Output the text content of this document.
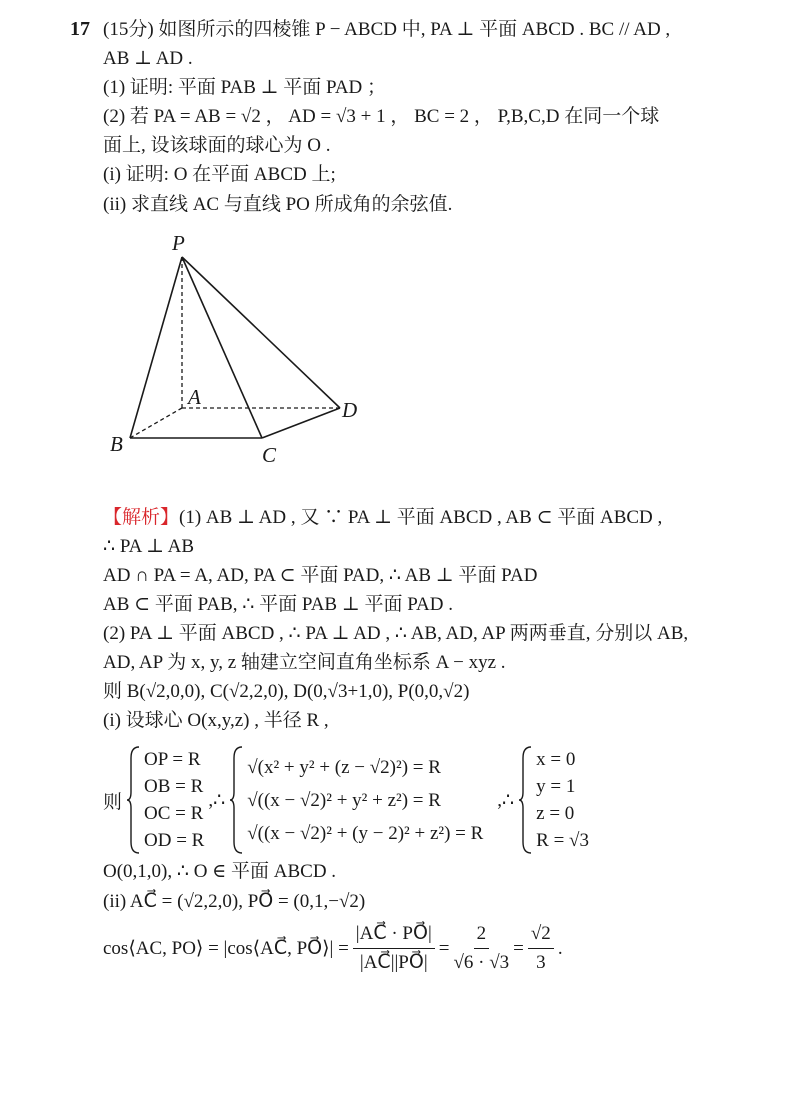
17 (15分) 如图所示的四棱锥 P − ABCD 中, PA ⊥ 平面 ABCD . BC // AD ,
AB ⊥ AD .
(1) 证明: 平面 PAB ⊥ 平面 PAD ；
(2) 若 PA = AB = √2 ， AD = √3 + 1 ， BC = 2 ， P,B,C,D 在同一个球
面上, 设该球面的球心为 O .
(i) 证明: O 在平面 ABCD 上;
(ii) 求直线 AC 与直线 PO 所成角的余弦值.
P
A
B	C
D
【解析】(1) AB ⊥ AD , 又 ∵ PA ⊥ 平面 ABCD , AB ⊂ 平面 ABCD ,
∴ PA ⊥ AB
AD ∩ PA = A, AD, PA ⊂ 平面 PAD, ∴ AB ⊥ 平面 PAD
AB ⊂ 平面 PAB, ∴ 平面 PAB ⊥ 平面 PAD .
(2) PA ⊥ 平面 ABCD , ∴ PA ⊥ AD , ∴ AB, AD, AP 两两垂直, 分别以 AB,
AD, AP 为 x, y, z 轴建立空间直角坐标系 A − xyz .
则 B(√2,0,0), C(√2,2,0), D(0,√3+1,0), P(0,0,√2)
(i) 设球心 O(x,y,z) , 半径 R ,
则
OP = R
OB = R
OC = R
OD = R
,∴
√(x² + y² + (z − √2)²) = R
√((x − √2)² + y² + z²) = R
√((x − √2)² + (y − 2)² + z²) = R
,∴
x = 0
y = 1
z = 0
R = √3
O(0,1,0), ∴ O ∈ 平面 ABCD .
(ii) AC⃗ = (√2,2,0), PO⃗ = (0,1,−√2)
cos⟨AC, PO⟩ = |cos⟨AC⃗, PO⃗⟩| = $\frac{|AC⃗ \cdot PO⃗|}{|AC⃗||PO⃗|} = \frac{2}{√6 \cdot √3} = \frac{√2}{3}$ .
